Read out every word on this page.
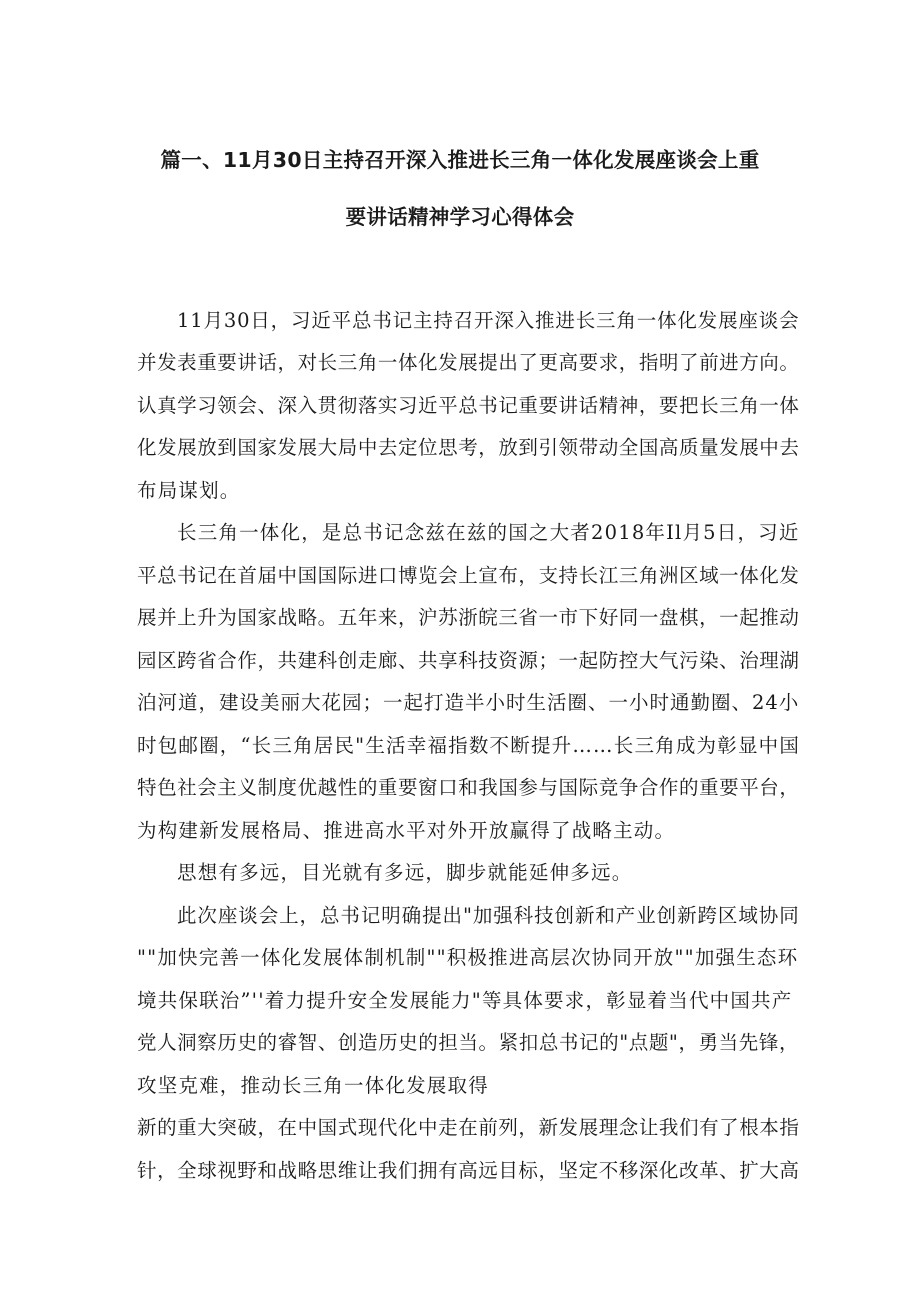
篇一、11月30日主持召开深入推进长三角一体化发展座谈会上重
要讲话精神学习心得体会
11月30日，习近平总书记主持召开深入推进长三角一体化发展座谈会
并发表重要讲话，对长三角一体化发展提出了更高要求，指明了前进方向。
认真学习领会、深入贯彻落实习近平总书记重要讲话精神，要把长三角一体
化发展放到国家发展大局中去定位思考，放到引领带动全国高质量发展中去
布局谋划。
长三角一体化，是总书记念兹在兹的国之大者2018年Il月5日，习近
平总书记在首届中国国际进口博览会上宣布，支持长江三角洲区域一体化发
展并上升为国家战略。五年来，沪苏浙皖三省一市下好同一盘棋，一起推动
园区跨省合作，共建科创走廊、共享科技资源；一起防控大气污染、治理湖
泊河道，建设美丽大花园；一起打造半小时生活圈、一小时通勤圈、24小
时包邮圈，“长三角居民"生活幸福指数不断提升……长三角成为彰显中国
特色社会主义制度优越性的重要窗口和我国参与国际竞争合作的重要平台，
为构建新发展格局、推进高水平对外开放赢得了战略主动。
思想有多远，目光就有多远，脚步就能延伸多远。
此次座谈会上，总书记明确提出"加强科技创新和产业创新跨区域协同
""加快完善一体化发展体制机制""积极推进高层次协同开放""加强生态环
境共保联治”''着力提升安全发展能力"等具体要求，彰显着当代中国共产
党人洞察历史的睿智、创造历史的担当。紧扣总书记的"点题"，勇当先锋，
攻坚克难，推动长三角一体化发展取得
新的重大突破，在中国式现代化中走在前列，新发展理念让我们有了根本指
针，全球视野和战略思维让我们拥有高远目标，坚定不移深化改革、扩大高
